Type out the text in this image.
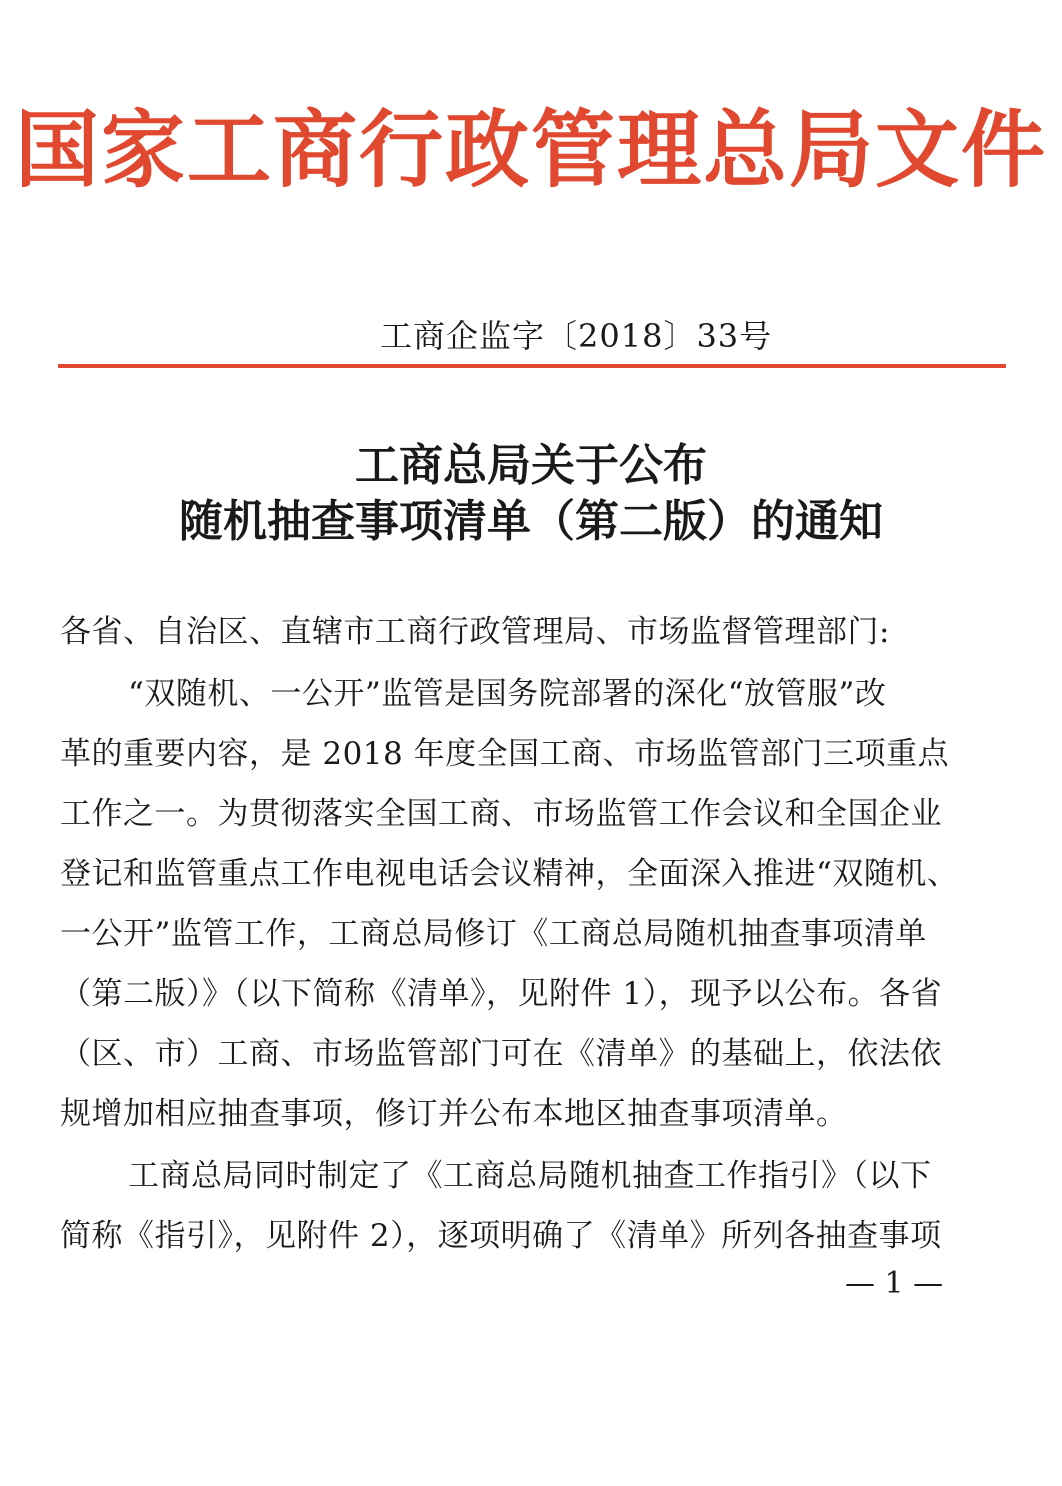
国家工商行政管理总局文件
工商企监字〔2018〕33号
工商总局关于公布
随机抽查事项清单（第二版）的通知
各省、自治区、直辖市工商行政管理局、市场监督管理部门:
“双随机、一公开”监管是国务院部署的深化“放管服”改
革的重要内容，是 2018 年度全国工商、市场监管部门三项重点
工作之一。为贯彻落实全国工商、市场监管工作会议和全国企业
登记和监管重点工作电视电话会议精神，全面深入推进“双随机、
一公开”监管工作，工商总局修订《工商总局随机抽查事项清单
（第二版）》（以下简称《清单》，见附件 1），现予以公布。各省
（区、市）工商、市场监管部门可在《清单》的基础上，依法依
规增加相应抽查事项，修订并公布本地区抽查事项清单。
工商总局同时制定了《工商总局随机抽查工作指引》（以下
简称《指引》，见附件 2），逐项明确了《清单》所列各抽查事项
— 1 —
